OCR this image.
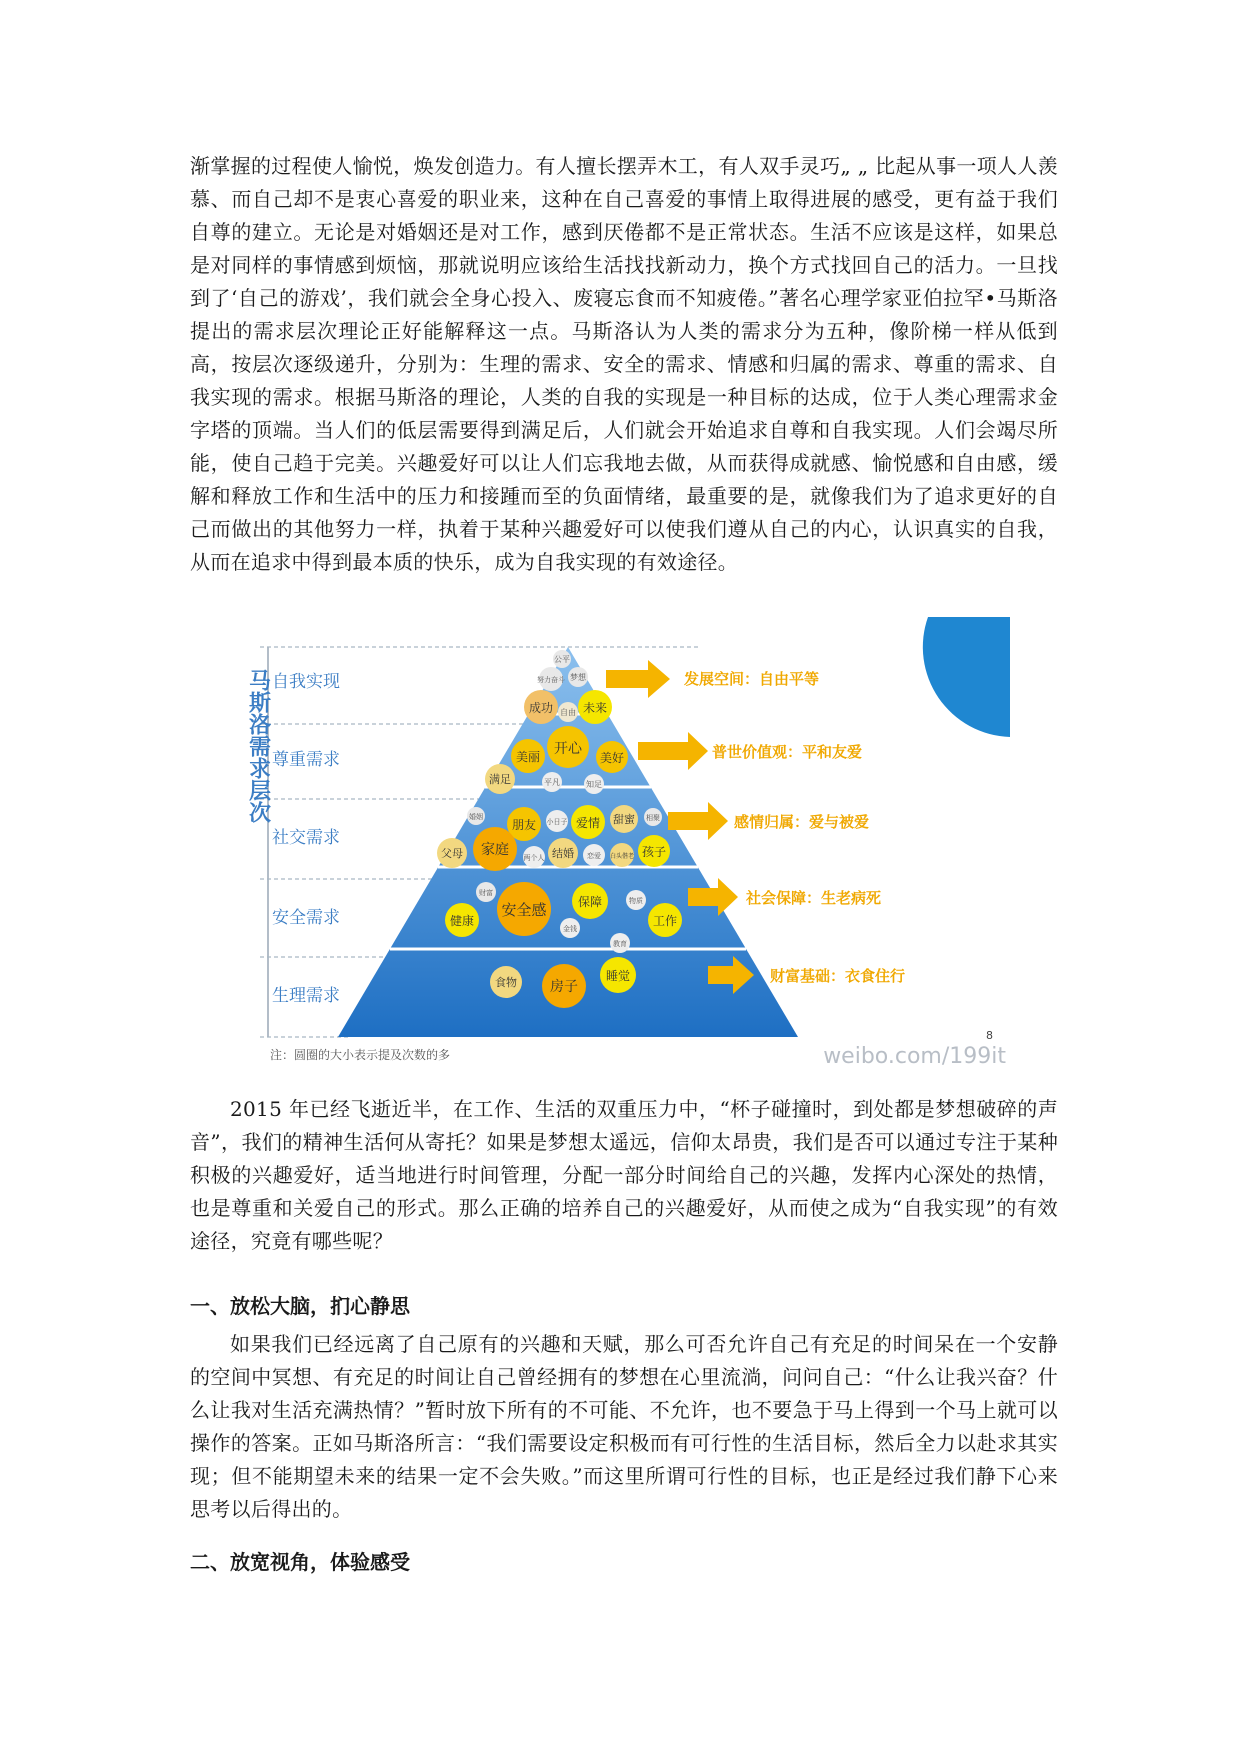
渐掌握的过程使人愉悦，焕发创造力。有人擅长摆弄木工，有人双手灵巧„ „ 比起从事一项人人羡慕、而自己却不是衷心喜爱的职业来，这种在自己喜爱的事情上取得进展的感受，更有益于我们自尊的建立。无论是对婚姻还是对工作，感到厌倦都不是正常状态。生活不应该是这样，如果总是对同样的事情感到烦恼，那就说明应该给生活找找新动力，换个方式找回自己的活力。一旦找到了‘自己的游戏’，我们就会全身心投入、废寝忘食而不知疲倦。”著名心理学家亚伯拉罕•马斯洛提出的需求层次理论正好能解释这一点。马斯洛认为人类的需求分为五种，像阶梯一样从低到高，按层次逐级递升，分别为：生理的需求、安全的需求、情感和归属的需求、尊重的需求、自我实现的需求。根据马斯洛的理论，人类的自我的实现是一种目标的达成，位于人类心理需求金字塔的顶端。当人们的低层需要得到满足后，人们就会开始追求自尊和自我实现。人们会竭尽所能，使自己趋于完美。兴趣爱好可以让人们忘我地去做，从而获得成就感、愉悦感和自由感，缓解和释放工作和生活中的压力和接踵而至的负面情绪，最重要的是，就像我们为了追求更好的自己而做出的其他努力一样，执着于某种兴趣爱好可以使我们遵从自己的内心，认识真实的自我，从而在追求中得到最本质的快乐，成为自我实现的有效途径。

马斯洛需求层次 自我实现
尊重需求
社交需求
安全需求
生理需求
公平
努力奋斗 梦想
成功 自由 未来
美丽 开心
美好
满足	平凡	知足
婚姻
朋友 小日子 爱情 甜蜜 相聚
父母 家庭 两个人 结婚 恋爱 白头偕老 孩子
财富
健康
安全感	保障	物质
工作
金钱
教育
食物 房子
睡觉
发展空间：自由平等
普世价值观：平和友爱
感情归属：爱与被爱
社会保障：生老病死
财富基础：衣食住行
注：圆圈的大小表示提及次数的多
8
weibo.com/199it

2015 年已经飞逝近半，在工作、生活的双重压力中，“杯子碰撞时，到处都是梦想破碎的声音”，我们的精神生活何从寄托？如果是梦想太遥远，信仰太昂贵，我们是否可以通过专注于某种积极的兴趣爱好，适当地进行时间管理，分配一部分时间给自己的兴趣，发挥内心深处的热情，也是尊重和关爱自己的形式。那么正确的培养自己的兴趣爱好，从而使之成为“自我实现”的有效途径，究竟有哪些呢？

一、放松大脑，扪心静思

如果我们已经远离了自己原有的兴趣和天赋，那么可否允许自己有充足的时间呆在一个安静的空间中冥想、有充足的时间让自己曾经拥有的梦想在心里流淌，问问自己：“什么让我兴奋？什么让我对生活充满热情？”暂时放下所有的不可能、不允许，也不要急于马上得到一个马上就可以操作的答案。正如马斯洛所言：“我们需要设定积极而有可行性的生活目标，然后全力以赴求其实现；但不能期望未来的结果一定不会失败。”而这里所谓可行性的目标，也正是经过我们静下心来思考以后得出的。

二、放宽视角，体验感受
